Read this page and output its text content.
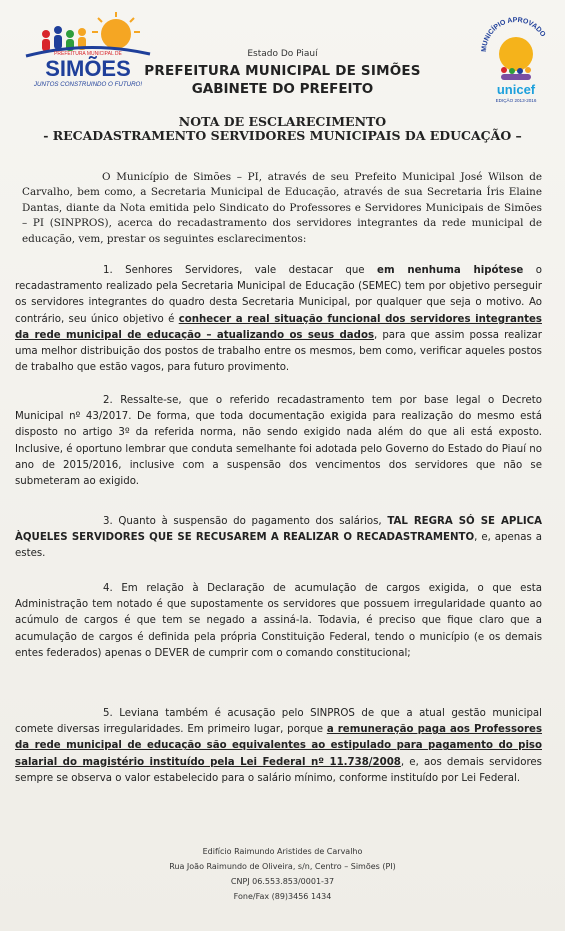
PREFEITURA MUNICIPAL DE
SIMÕES
JUNTOS CONSTRUINDO O FUTURO!
MUNICÍPIO APROVADO
unicef
EDIÇÃO 2013-2016
Estado Do Piauí
PREFEITURA MUNICIPAL DE SIMÕES
GABINETE DO PREFEITO
NOTA DE ESCLARECIMENTO
- RECADASTRAMENTO SERVIDORES MUNICIPAIS DA EDUCAÇÃO –
O Município de Simões – PI, através de seu Prefeito Municipal José Wilson de Carvalho, bem como, a Secretaria Municipal de Educação, através de sua Secretaria Íris Elaine Dantas, diante da Nota emitida pelo Sindicato do Professores e Servidores Municipais de Simões – PI (SINPROS), acerca do recadastramento dos servidores integrantes da rede municipal de educação, vem, prestar os seguintes esclarecimentos:
1. Senhores Servidores, vale destacar que em nenhuma hipótese o recadastramento realizado pela Secretaria Municipal de Educação (SEMEC) tem por objetivo perseguir os servidores integrantes do quadro desta Secretaria Municipal, por qualquer que seja o motivo. Ao contrário, seu único objetivo é conhecer a real situação funcional dos servidores integrantes da rede municipal de educação – atualizando os seus dados, para que assim possa realizar uma melhor distribuição dos postos de trabalho entre os mesmos, bem como, verificar aqueles postos de trabalho que estão vagos, para futuro provimento.
2. Ressalte-se, que o referido recadastramento tem por base legal o Decreto Municipal nº 43/2017. De forma, que toda documentação exigida para realização do mesmo está disposto no artigo 3º da referida norma, não sendo exigido nada além do que ali está exposto. Inclusive, é oportuno lembrar que conduta semelhante foi adotada pelo Governo do Estado do Piauí no ano de 2015/2016, inclusive com a suspensão dos vencimentos dos servidores que não se submeteram ao exigido.
3. Quanto à suspensão do pagamento dos salários, TAL REGRA SÓ SE APLICA ÀQUELES SERVIDORES QUE SE RECUSAREM A REALIZAR O RECADASTRAMENTO, e, apenas a estes.
4. Em relação à Declaração de acumulação de cargos exigida, o que esta Administração tem notado é que supostamente os servidores que possuem irregularidade quanto ao acúmulo de cargos é que tem se negado a assiná-la. Todavia, é preciso que fique claro que a acumulação de cargos é definida pela própria Constituição Federal, tendo o município (e os demais entes federados) apenas o DEVER de cumprir com o comando constitucional;
5. Leviana também é acusação pelo SINPROS de que a atual gestão municipal comete diversas irregularidades. Em primeiro lugar, porque a remuneração paga aos Professores da rede municipal de educação são equivalentes ao estipulado para pagamento do piso salarial do magistério instituído pela Lei Federal nº 11.738/2008, e, aos demais servidores sempre se observa o valor estabelecido para o salário mínimo, conforme instituído por Lei Federal.
Edifício Raimundo Aristides de Carvalho
Rua João Raimundo de Oliveira, s/n, Centro – Simões (PI)
CNPJ 06.553.853/0001-37
Fone/Fax (89)3456 1434
